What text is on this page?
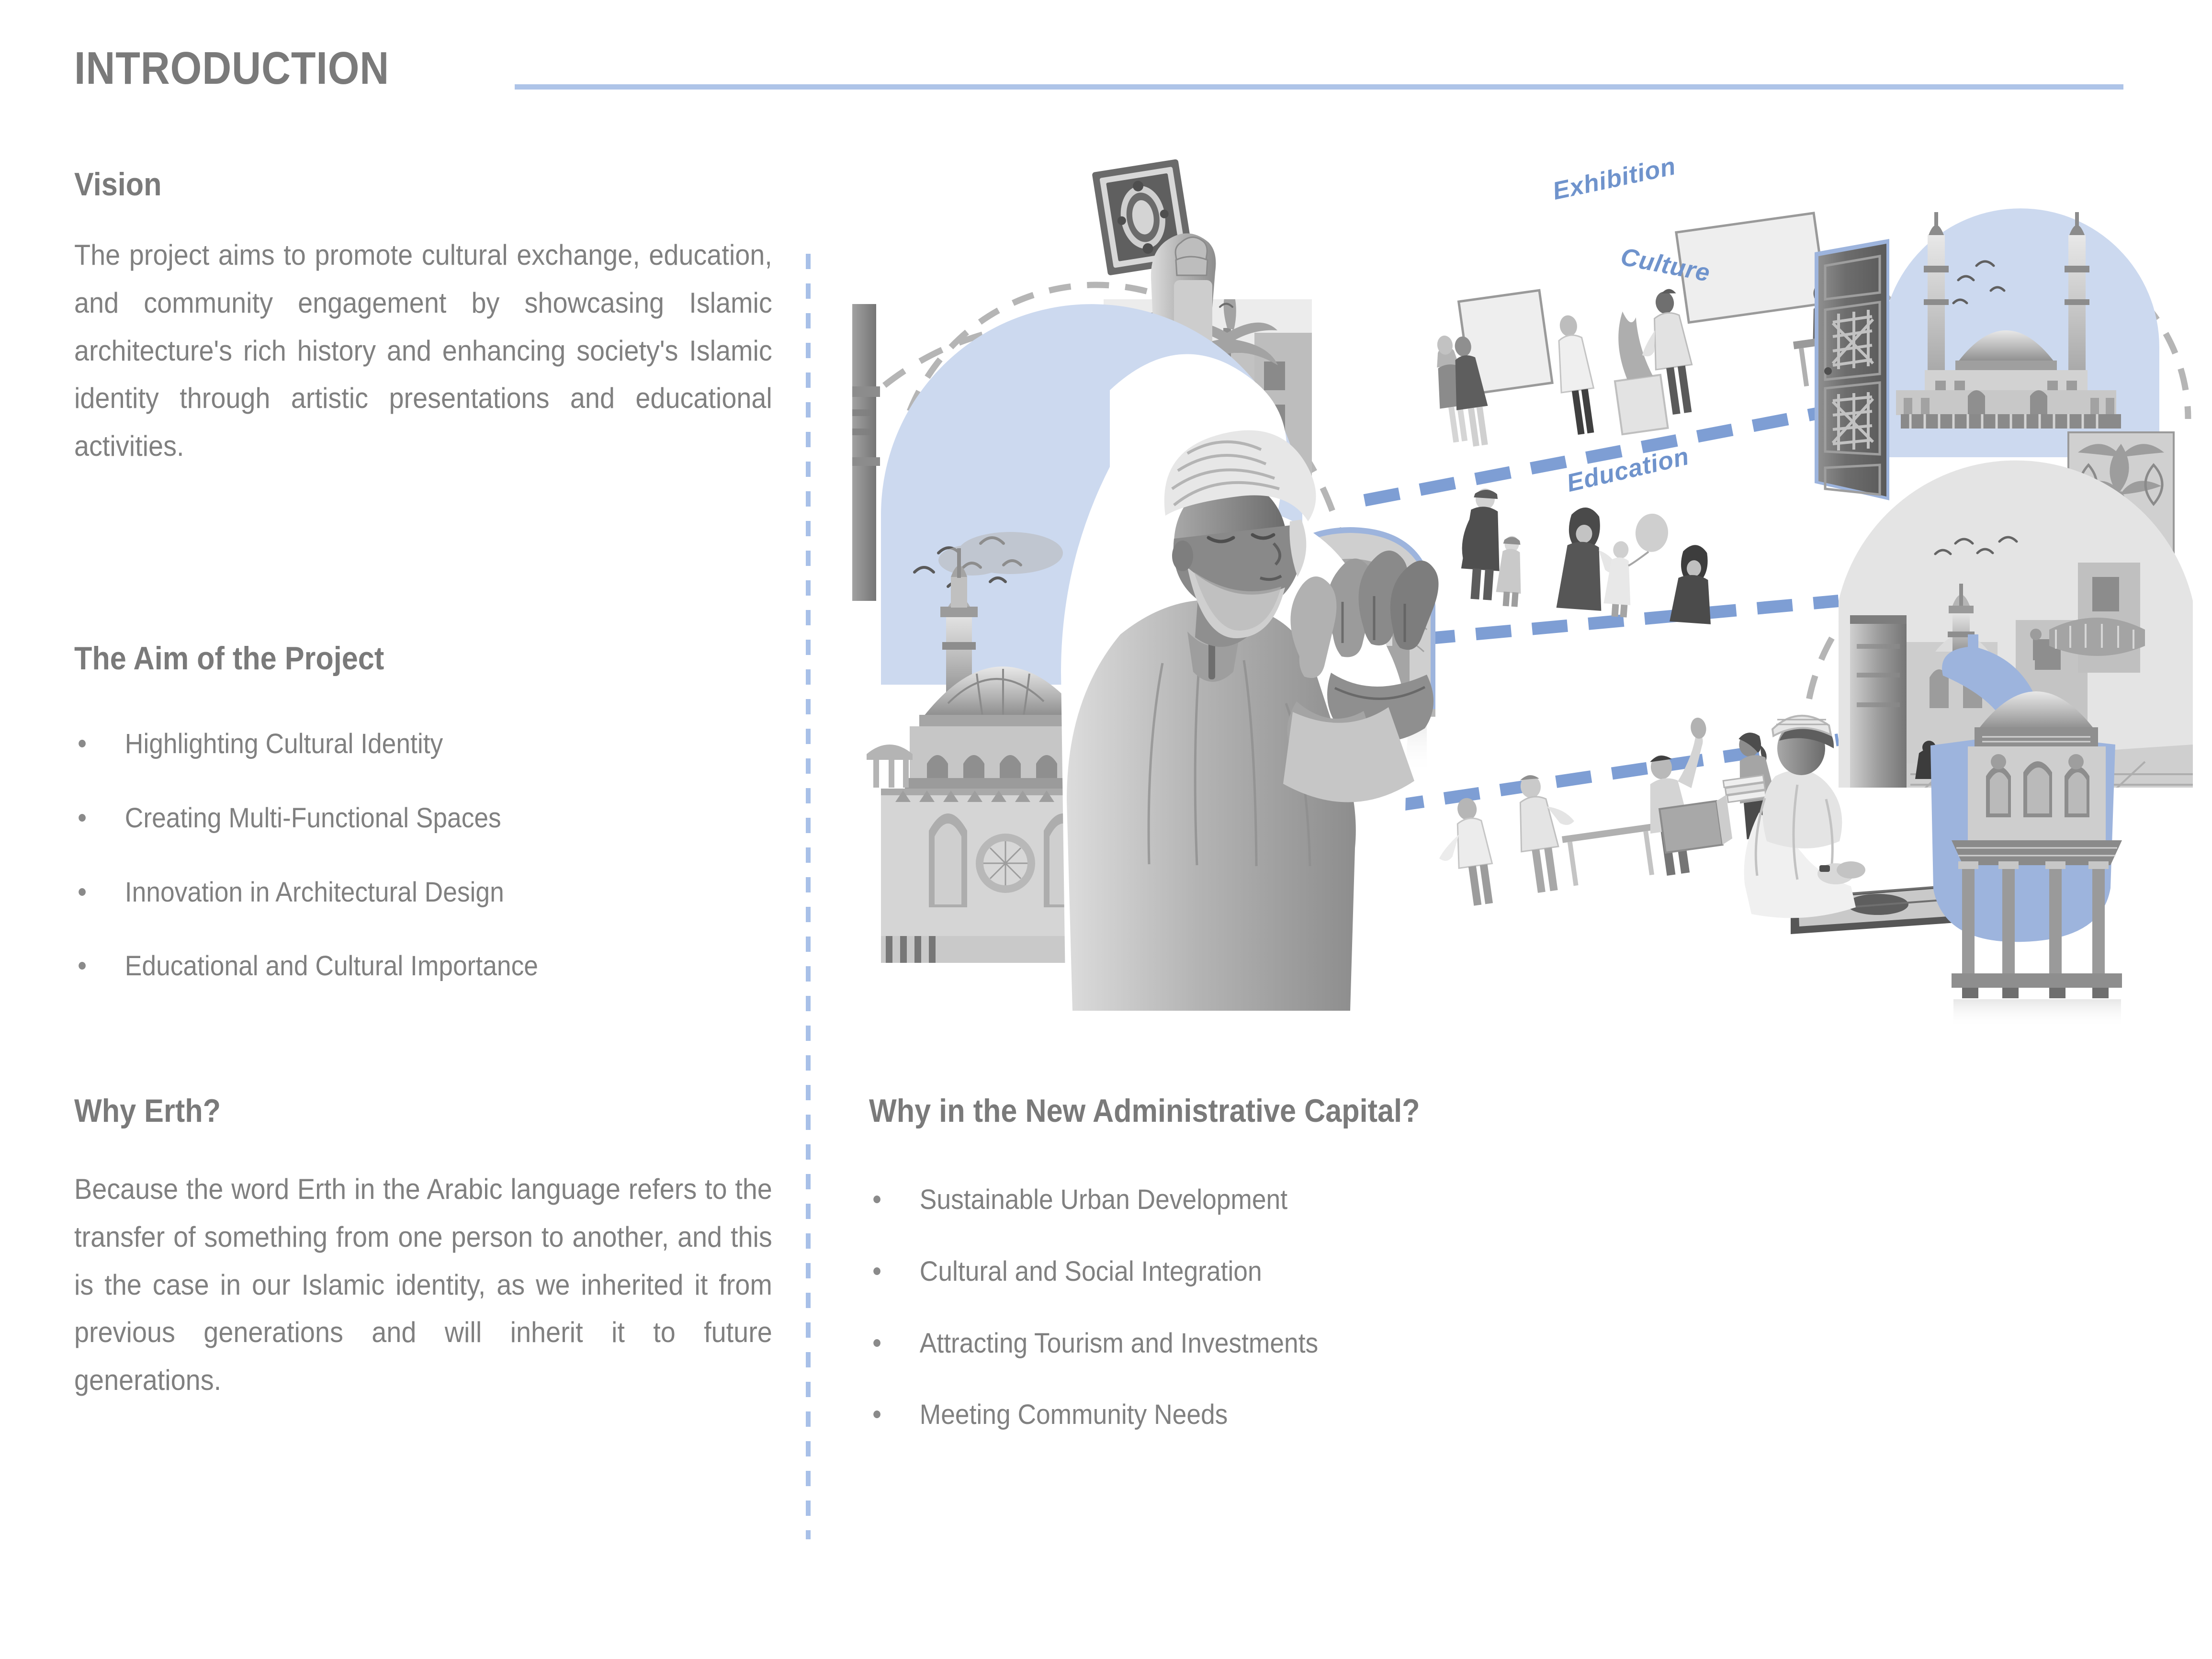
INTRODUCTION
Vision
The project aims to promote cultural exchange, education, and community engagement by showcasing Islamic architecture's rich history and enhancing society's Islamic identity through artistic presentations and educational activities.
The Aim of the Project
Highlighting Cultural Identity
Creating Multi-Functional Spaces
Innovation in Architectural Design
Educational and Cultural Importance
Why Erth?
Because the word Erth in the Arabic language refers to the transfer of something from one person to another, and this is the case in our Islamic identity, as we inherited it from previous generations and will inherit it to future generations.
Why in the New Administrative Capital?
Sustainable Urban Development
Cultural and Social Integration
Attracting Tourism and Investments
Meeting Community Needs
Exhibition
Culture
Education
